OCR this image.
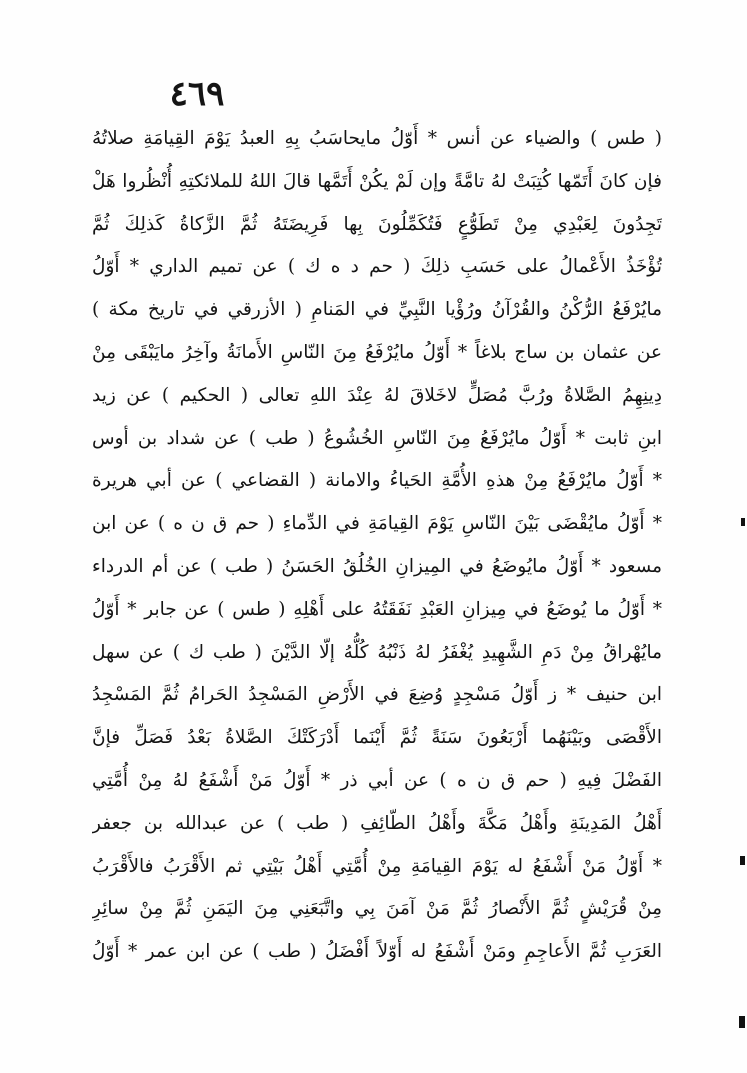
٤٦٩
( طس ) والضياء عن أنس * أَوّلُ مايحاسَبُ بِهِ العبدُ يَوْمَ القِيامَةِ صلاتُهُ
فإن كانَ أَتَمّها كُتِبَتْ لهُ تامَّةً وإن لَمْ يكُنْ أَتَمَّها قالَ اللهُ للملائكتِهِ أُنْظُروا هَلْ
تَجِدُونَ لِعَبْدِي مِنْ تَطَوُّعٍ فَتُكَمِّلُونَ بِها فَرِيضَتَهُ ثُمَّ الزَّكاةُ كَذلِكَ ثُمَّ
تُؤْخَذُ الأَعْمالُ على حَسَبِ ذلِكَ ( حم د ه ك ) عن تميم الداري * أَوّلُ
مايُرْفَعُ الرُّكْنُ والقُرْآنُ ورُؤْيا النَّبِيِّ في المَنامِ ( الأزرقي في تاريخ مكة )
عن عثمان بن ساج بلاغاً * أَوّلُ مايُرْفَعُ مِنَ النّاسِ الأَمانَةُ وآخِرُ مايَبْقَى مِنْ
دِينِهِمُ الصَّلاةُ ورُبَّ مُصَلٍّ لاخَلاقَ لهُ عِنْدَ اللهِ تعالى ( الحكيم ) عن زيد
ابنِ ثابت * أَوّلُ مايُرْفَعُ مِنَ النّاسِ الخُشُوعُ ( طب ) عن شداد بن أوس
* أَوّلُ مايُرْفَعُ مِنْ هذهِ الأُمَّةِ الحَياءُ والامانة ( القضاعي ) عن أبي هريرة
* أَوّلُ مايُقْضَى بَيْنَ النّاسِ يَوْمَ القِيامَةِ في الدِّماءِ ( حم ق ن ه ) عن ابن
مسعود * أَوّلُ مايُوضَعُ في المِيزانِ الخُلُقُ الحَسَنُ ( طب ) عن أم الدرداء
* أَوّلُ ما يُوضَعُ في مِيزانِ العَبْدِ نَفَقَتُهُ على أَهْلِهِ ( طس ) عن جابر * أَوّلُ
مايُهْراقُ مِنْ دَمِ الشَّهِيدِ يُغْفَرُ لهُ ذَنْبُهُ كُلُّهُ إلّا الدَّيْنَ ( طب ك ) عن سهل
ابن حنيف * ز أَوّلُ مَسْجِدٍ وُضِعَ في الأَرْضِ المَسْجِدُ الحَرامُ ثُمَّ المَسْجِدُ
الأَقْصَى وبَيْنَهُما أَرْبَعُونَ سَنَةً ثُمَّ أَيْنَما أَدْرَكَتْكَ الصَّلاةُ بَعْدُ فَصَلِّ فإنَّ
الفَضْلَ فِيهِ ( حم ق ن ه ) عن أبي ذر * أَوّلُ مَنْ أَشْفَعُ لهُ مِنْ أُمَّتِي
أَهْلُ المَدِينَةِ وأَهْلُ مَكَّةَ وأَهْلُ الطّائِفِ ( طب ) عن عبدالله بن جعفر
* أَوّلُ مَنْ أَشْفَعُ له يَوْمَ القِيامَةِ مِنْ أُمَّتِي أَهْلُ بَيْتِي ثم الأَقْرَبُ فالأَقْرَبُ
مِنْ قُرَيْشٍ ثُمَّ الأَنْصارُ ثُمَّ مَنْ آمَنَ بِي واتَّبَعَنِي مِنَ اليَمَنِ ثُمَّ مِنْ سائِرِ
العَرَبِ ثُمَّ الأَعاجِمِ ومَنْ أَشْفَعُ له أَوّلاً أَفْضَلُ ( طب ) عن ابن عمر * أَوّلُ
